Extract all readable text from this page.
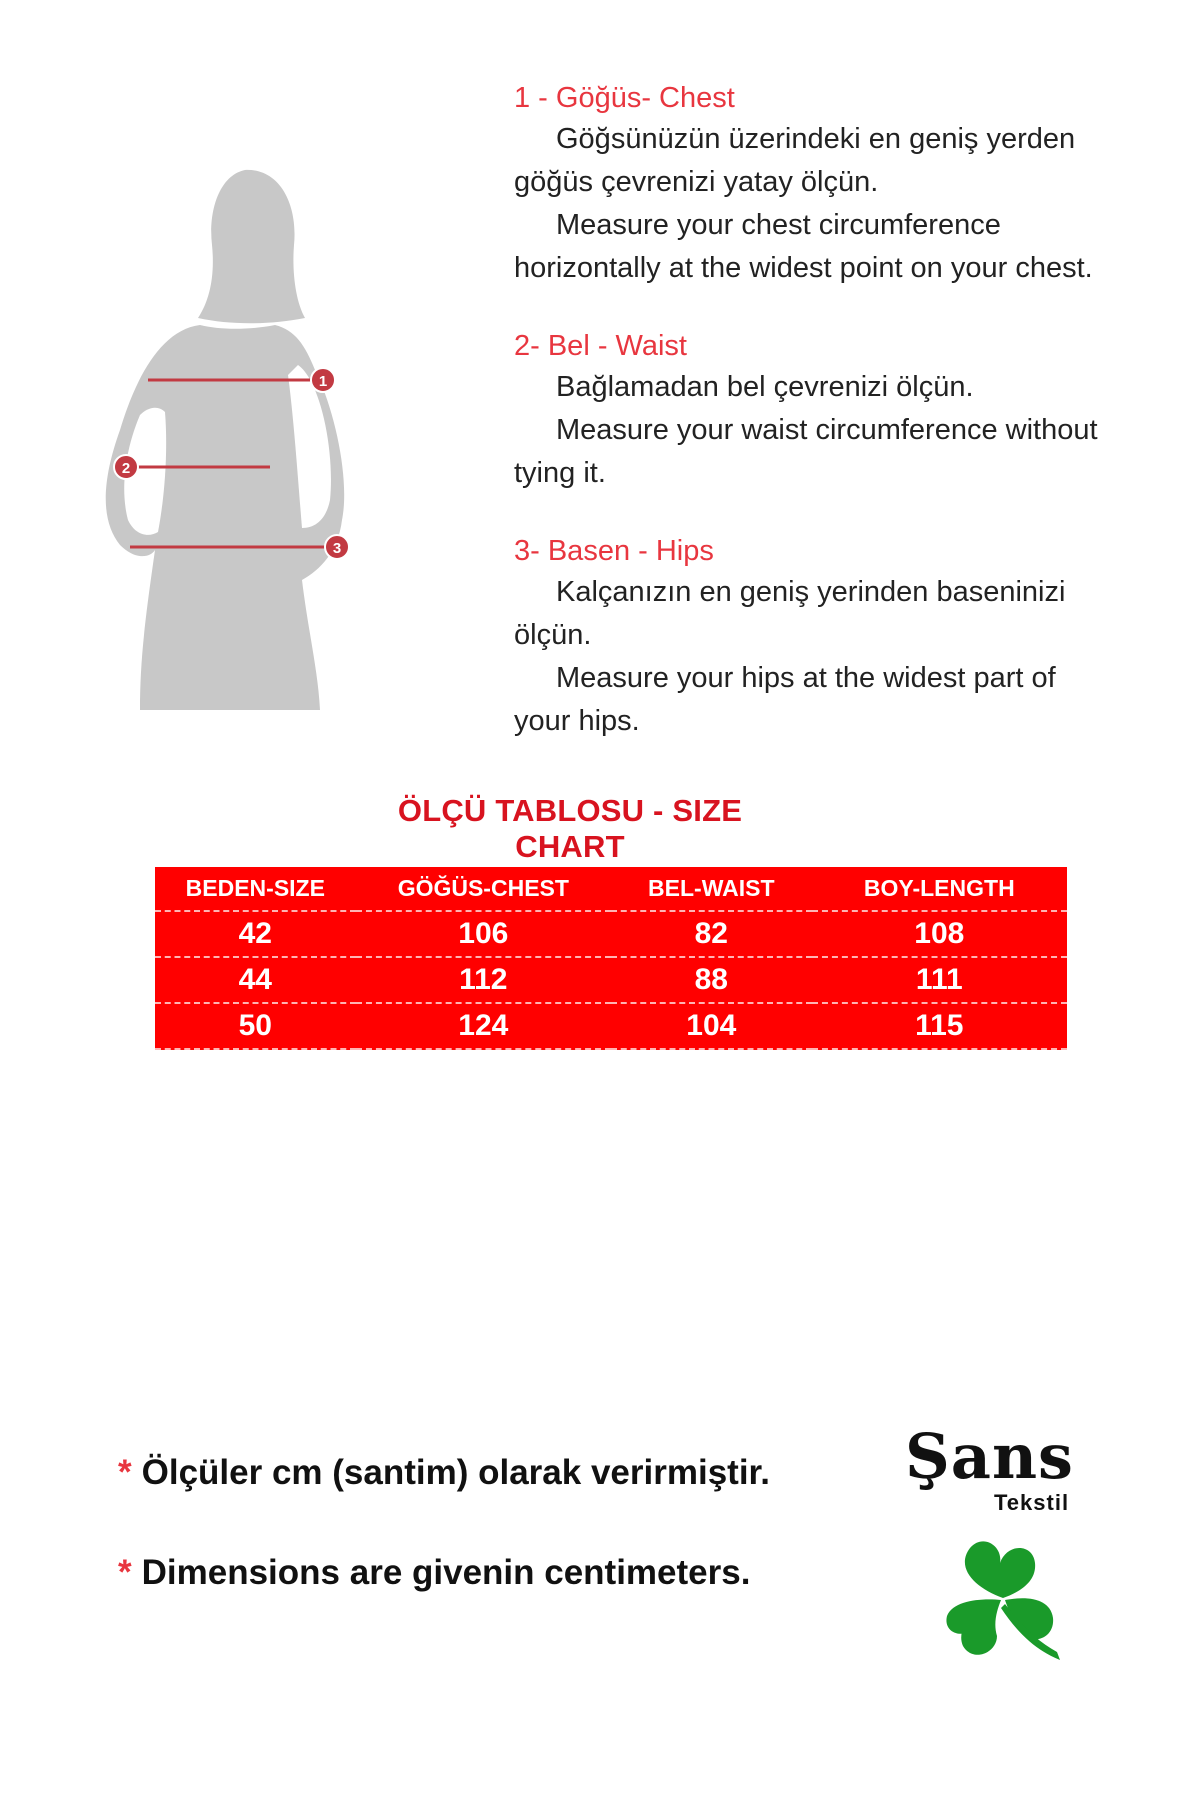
1
2
3
1 - Göğüs- Chest

Göğsünüzün üzerindeki en geniş yerden

göğüs çevrenizi yatay ölçün.

Measure your chest circumference

horizontally at the widest point on your chest.

2- Bel - Waist

Bağlamadan bel çevrenizi ölçün.

Measure your waist circumference without

tying it.

3- Basen - Hips

Kalçanızın en geniş yerinden baseninizi

ölçün.

Measure your hips at the widest part of

your hips.

ÖLÇÜ TABLOSU - SIZE CHART
BEDEN-SIZE	GÖĞÜS-CHEST	BEL-WAIST	BOY-LENGTH
42	106	82	108
44	112	88	111
50	124	104	115

* Ölçüler cm (santim) olarak verirmiştir.

* Dimensions are givenin centimeters.

Şans
Tekstil
